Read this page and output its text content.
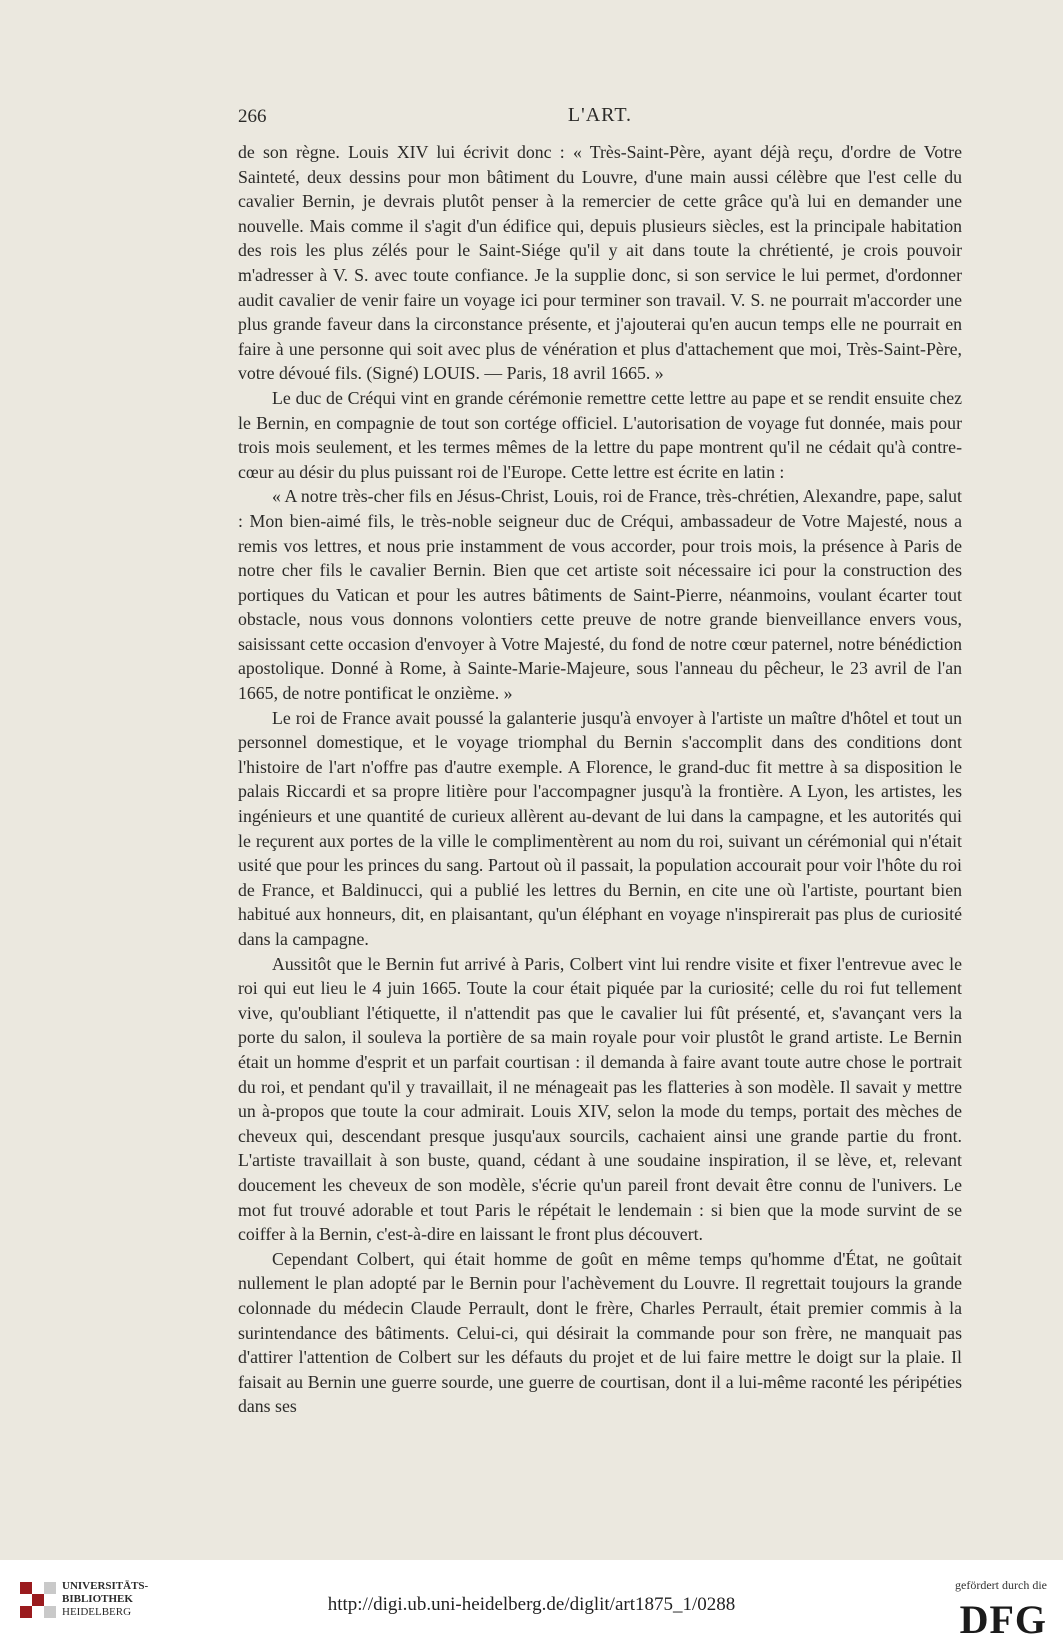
266	L'ART.

de son règne. Louis XIV lui écrivit donc : « Très-Saint-Père, ayant déjà reçu, d'ordre de Votre Sainteté, deux dessins pour mon bâtiment du Louvre, d'une main aussi célèbre que l'est celle du cavalier Bernin, je devrais plutôt penser à la remercier de cette grâce qu'à lui en demander une nouvelle. Mais comme il s'agit d'un édifice qui, depuis plusieurs siècles, est la principale habitation des rois les plus zélés pour le Saint-Siége qu'il y ait dans toute la chrétienté, je crois pouvoir m'adresser à V. S. avec toute confiance. Je la supplie donc, si son service le lui permet, d'ordonner audit cavalier de venir faire un voyage ici pour terminer son travail. V. S. ne pourrait m'accorder une plus grande faveur dans la circonstance présente, et j'ajouterai qu'en aucun temps elle ne pourrait en faire à une personne qui soit avec plus de vénération et plus d'attachement que moi, Très-Saint-Père, votre dévoué fils. (Signé) LOUIS. — Paris, 18 avril 1665. »

Le duc de Créqui vint en grande cérémonie remettre cette lettre au pape et se rendit ensuite chez le Bernin, en compagnie de tout son cortége officiel. L'autorisation de voyage fut donnée, mais pour trois mois seulement, et les termes mêmes de la lettre du pape montrent qu'il ne cédait qu'à contre-cœur au désir du plus puissant roi de l'Europe. Cette lettre est écrite en latin :

« A notre très-cher fils en Jésus-Christ, Louis, roi de France, très-chrétien, Alexandre, pape, salut : Mon bien-aimé fils, le très-noble seigneur duc de Créqui, ambassadeur de Votre Majesté, nous a remis vos lettres, et nous prie instamment de vous accorder, pour trois mois, la présence à Paris de notre cher fils le cavalier Bernin. Bien que cet artiste soit nécessaire ici pour la construction des portiques du Vatican et pour les autres bâtiments de Saint-Pierre, néanmoins, voulant écarter tout obstacle, nous vous donnons volontiers cette preuve de notre grande bienveillance envers vous, saisissant cette occasion d'envoyer à Votre Majesté, du fond de notre cœur paternel, notre bénédiction apostolique. Donné à Rome, à Sainte-Marie-Majeure, sous l'anneau du pêcheur, le 23 avril de l'an 1665, de notre pontificat le onzième. »

Le roi de France avait poussé la galanterie jusqu'à envoyer à l'artiste un maître d'hôtel et tout un personnel domestique, et le voyage triomphal du Bernin s'accomplit dans des conditions dont l'histoire de l'art n'offre pas d'autre exemple. A Florence, le grand-duc fit mettre à sa disposition le palais Riccardi et sa propre litière pour l'accompagner jusqu'à la frontière. A Lyon, les artistes, les ingénieurs et une quantité de curieux allèrent au-devant de lui dans la campagne, et les autorités qui le reçurent aux portes de la ville le complimentèrent au nom du roi, suivant un cérémonial qui n'était usité que pour les princes du sang. Partout où il passait, la population accourait pour voir l'hôte du roi de France, et Baldinucci, qui a publié les lettres du Bernin, en cite une où l'artiste, pourtant bien habitué aux honneurs, dit, en plaisantant, qu'un éléphant en voyage n'inspirerait pas plus de curiosité dans la campagne.

Aussitôt que le Bernin fut arrivé à Paris, Colbert vint lui rendre visite et fixer l'entrevue avec le roi qui eut lieu le 4 juin 1665. Toute la cour était piquée par la curiosité; celle du roi fut tellement vive, qu'oubliant l'étiquette, il n'attendit pas que le cavalier lui fût présenté, et, s'avançant vers la porte du salon, il souleva la portière de sa main royale pour voir plustôt le grand artiste. Le Bernin était un homme d'esprit et un parfait courtisan : il demanda à faire avant toute autre chose le portrait du roi, et pendant qu'il y travaillait, il ne ménageait pas les flatteries à son modèle. Il savait y mettre un à-propos que toute la cour admirait. Louis XIV, selon la mode du temps, portait des mèches de cheveux qui, descendant presque jusqu'aux sourcils, cachaient ainsi une grande partie du front. L'artiste travaillait à son buste, quand, cédant à une soudaine inspiration, il se lève, et, relevant doucement les cheveux de son modèle, s'écrie qu'un pareil front devait être connu de l'univers. Le mot fut trouvé adorable et tout Paris le répétait le lendemain : si bien que la mode survint de se coiffer à la Bernin, c'est-à-dire en laissant le front plus découvert.

Cependant Colbert, qui était homme de goût en même temps qu'homme d'État, ne goûtait nullement le plan adopté par le Bernin pour l'achèvement du Louvre. Il regrettait toujours la grande colonnade du médecin Claude Perrault, dont le frère, Charles Perrault, était premier commis à la surintendance des bâtiments. Celui-ci, qui désirait la commande pour son frère, ne manquait pas d'attirer l'attention de Colbert sur les défauts du projet et de lui faire mettre le doigt sur la plaie. Il faisait au Bernin une guerre sourde, une guerre de courtisan, dont il a lui-même raconté les péripéties dans ses

UNIVERSITÄTS-
BIBLIOTHEK
HEIDELBERG	http://digi.ub.uni-heidelberg.de/diglit/art1875_1/0288
gefördert durch die
DFG
